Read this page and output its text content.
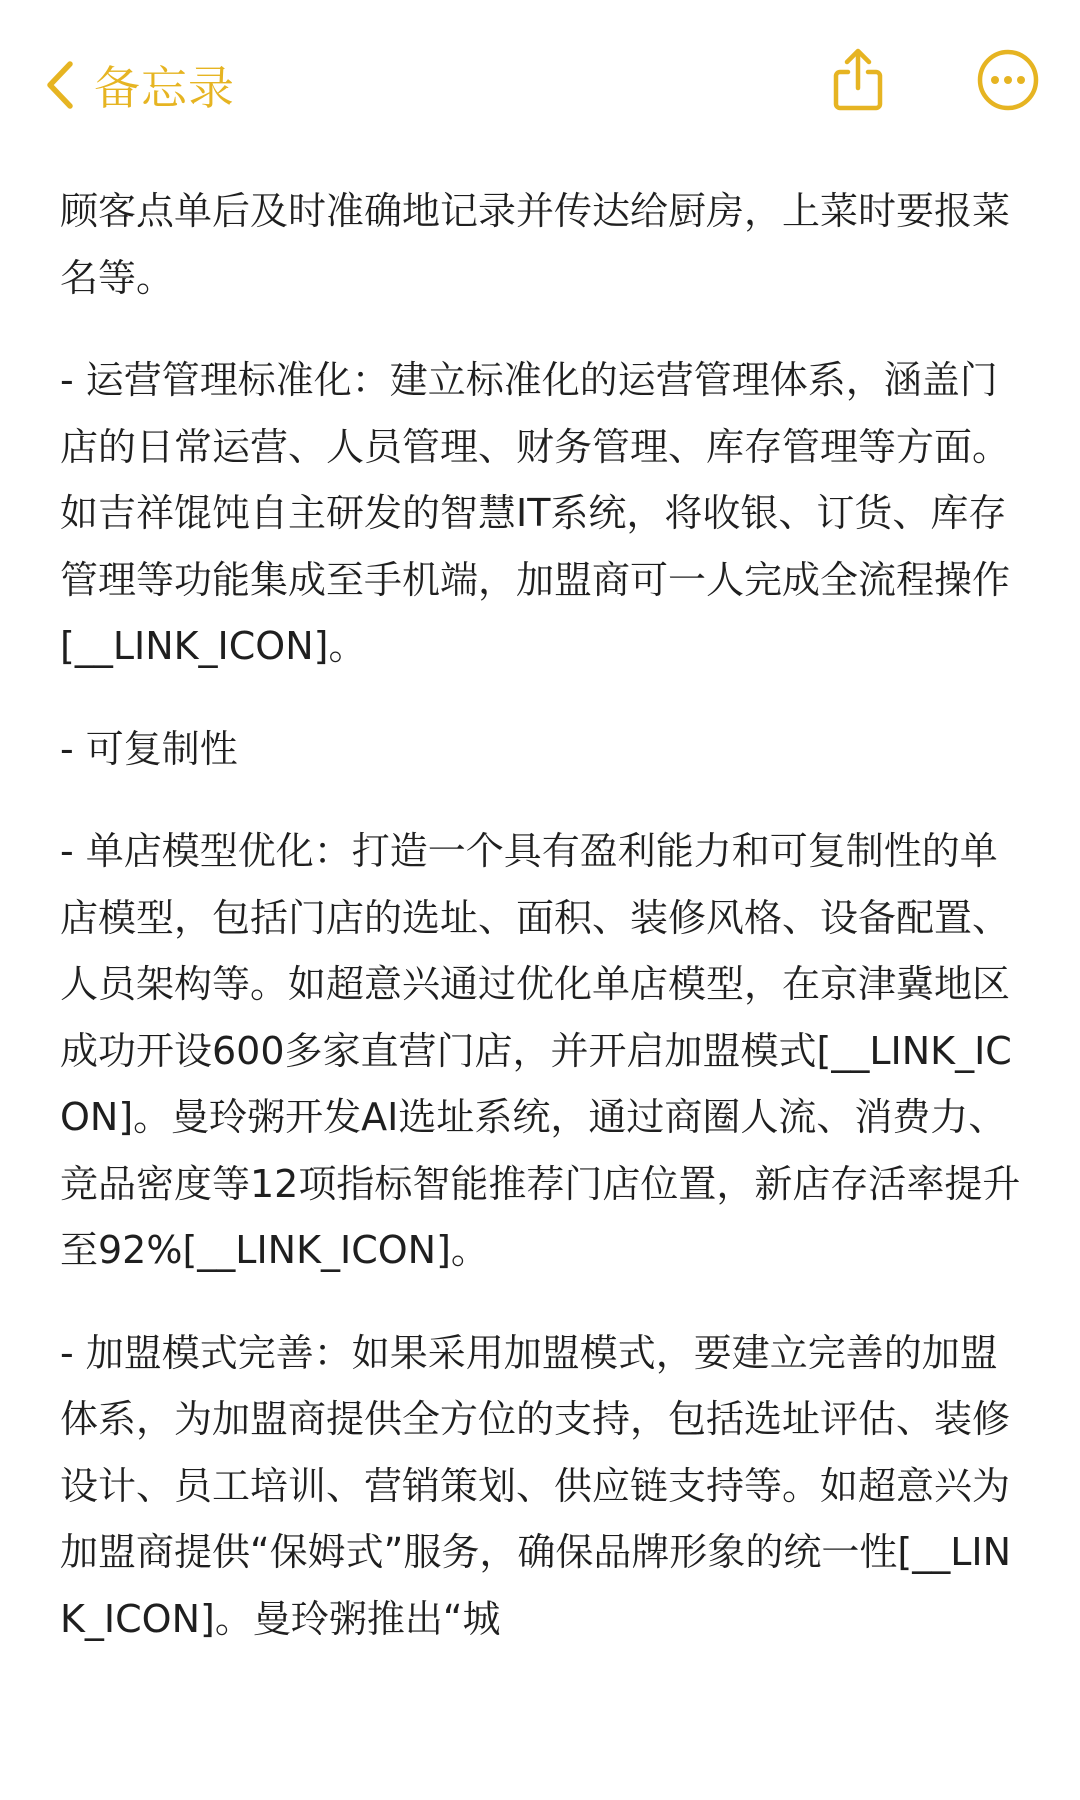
备忘录

顾客点单后及时准确地记录并传达给厨房，上菜时要报菜名等。

- 运营管理标准化：建立标准化的运营管理体系，涵盖门店的日常运营、人员管理、财务管理、库存管理等方面。如吉祥馄饨自主研发的智慧IT系统，将收银、订货、库存管理等功能集成至手机端，加盟商可一人完成全流程操作[__LINK_ICON]。

- 可复制性

- 单店模型优化：打造一个具有盈利能力和可复制性的单店模型，包括门店的选址、面积、装修风格、设备配置、人员架构等。如超意兴通过优化单店模型，在京津冀地区成功开设600多家直营门店，并开启加盟模式[__LINK_ICON]。曼玲粥开发AI选址系统，通过商圈人流、消费力、竞品密度等12项指标智能推荐门店位置，新店存活率提升至92%[__LINK_ICON]。

- 加盟模式完善：如果采用加盟模式，要建立完善的加盟体系，为加盟商提供全方位的支持，包括选址评估、装修设计、员工培训、营销策划、供应链支持等。如超意兴为加盟商提供“保姆式”服务，确保品牌形象的统一性[__LINK_ICON]。曼玲粥推出“城
